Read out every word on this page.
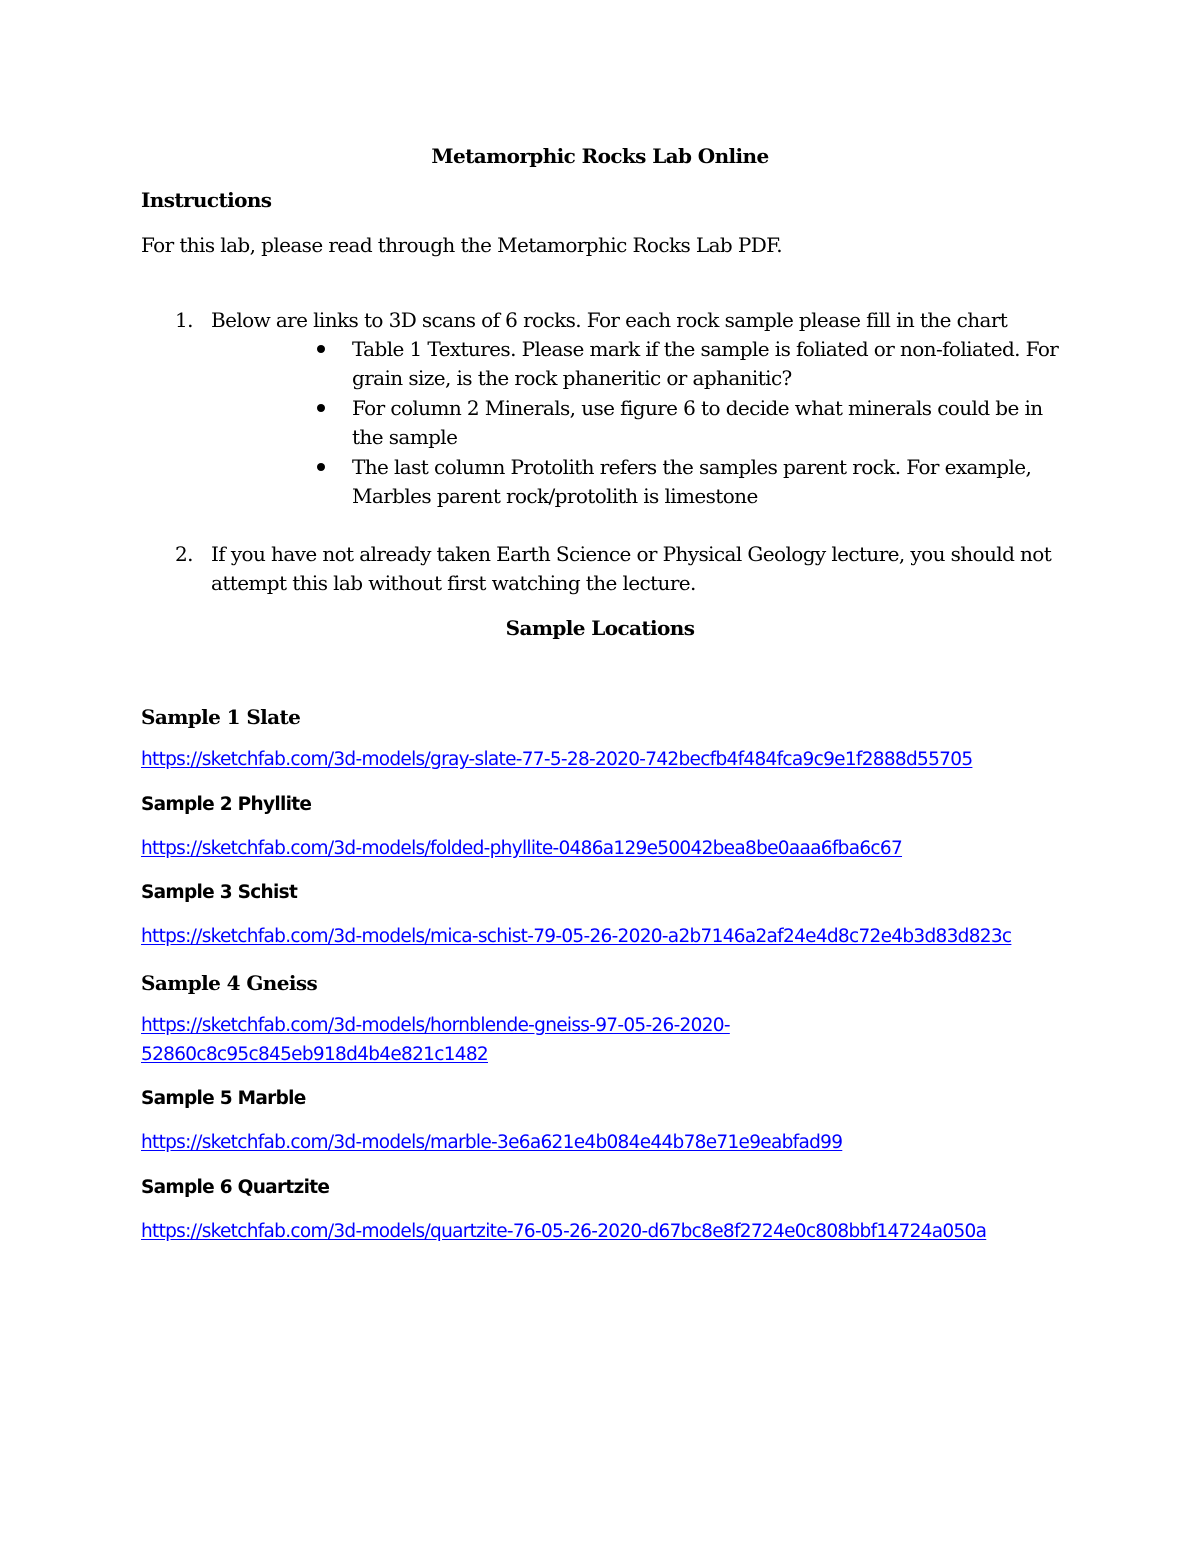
Metamorphic Rocks Lab Online
Instructions
For this lab, please read through the Metamorphic Rocks Lab PDF.
1. Below are links to 3D scans of 6 rocks. For each rock sample please fill in the chart
Table 1 Textures. Please mark if the sample is foliated or non-foliated. For
grain size, is the rock phaneritic or aphanitic?
For column 2 Minerals, use figure 6 to decide what minerals could be in
the sample
The last column Protolith refers the samples parent rock. For example,
Marbles parent rock/protolith is limestone
2. If you have not already taken Earth Science or Physical Geology lecture, you should not
attempt this lab without first watching the lecture.
Sample Locations
Sample 1 Slate
https://sketchfab.com/3d-models/gray-slate-77-5-28-2020-742becfb4f484fca9c9e1f2888d55705
Sample 2 Phyllite
https://sketchfab.com/3d-models/folded-phyllite-0486a129e50042bea8be0aaa6fba6c67
Sample 3 Schist
https://sketchfab.com/3d-models/mica-schist-79-05-26-2020-a2b7146a2af24e4d8c72e4b3d83d823c
Sample 4 Gneiss
https://sketchfab.com/3d-models/hornblende-gneiss-97-05-26-2020-
52860c8c95c845eb918d4b4e821c1482
Sample 5 Marble
https://sketchfab.com/3d-models/marble-3e6a621e4b084e44b78e71e9eabfad99
Sample 6 Quartzite
https://sketchfab.com/3d-models/quartzite-76-05-26-2020-d67bc8e8f2724e0c808bbf14724a050a
